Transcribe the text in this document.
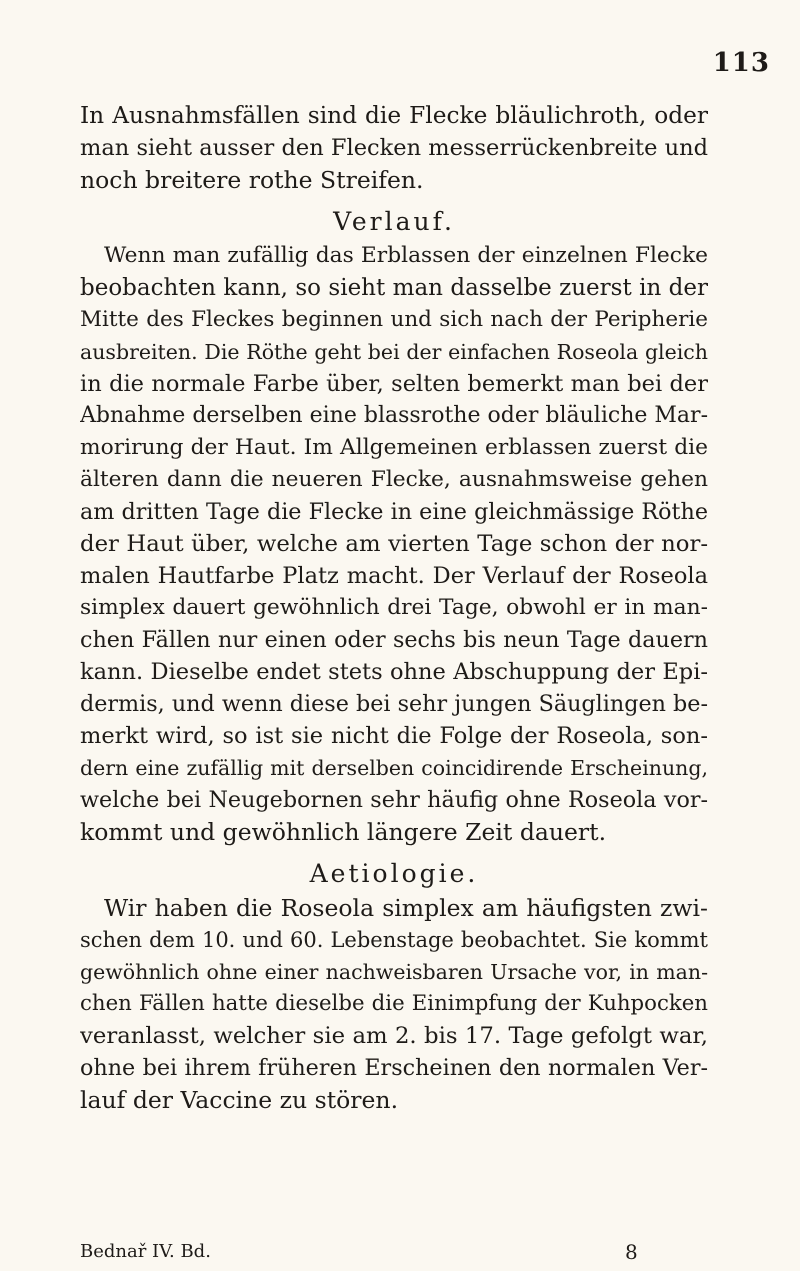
113
In Ausnahmsfällen sind die Flecke bläulichroth, oder
man sieht ausser den Flecken messerrückenbreite und
noch breitere rothe Streifen.
Verlauf.
Wenn man zufällig das Erblassen der einzelnen Flecke
beobachten kann, so sieht man dasselbe zuerst in der
Mitte des Fleckes beginnen und sich nach der Peripherie
ausbreiten. Die Röthe geht bei der einfachen Roseola gleich
in die normale Farbe über, selten bemerkt man bei der
Abnahme derselben eine blassrothe oder bläuliche Mar-
morirung der Haut. Im Allgemeinen erblassen zuerst die
älteren dann die neueren Flecke, ausnahmsweise gehen
am dritten Tage die Flecke in eine gleichmässige Röthe
der Haut über, welche am vierten Tage schon der nor-
malen Hautfarbe Platz macht. Der Verlauf der Roseola
simplex dauert gewöhnlich drei Tage, obwohl er in man-
chen Fällen nur einen oder sechs bis neun Tage dauern
kann. Dieselbe endet stets ohne Abschuppung der Epi-
dermis, und wenn diese bei sehr jungen Säuglingen be-
merkt wird, so ist sie nicht die Folge der Roseola, son-
dern eine zufällig mit derselben coincidirende Erscheinung,
welche bei Neugebornen sehr häufig ohne Roseola vor-
kommt und gewöhnlich längere Zeit dauert.
Aetiologie.
Wir haben die Roseola simplex am häufigsten zwi-
schen dem 10. und 60. Lebenstage beobachtet. Sie kommt
gewöhnlich ohne einer nachweisbaren Ursache vor, in man-
chen Fällen hatte dieselbe die Einimpfung der Kuhpocken
veranlasst, welcher sie am 2. bis 17. Tage gefolgt war,
ohne bei ihrem früheren Erscheinen den normalen Ver-
lauf der Vaccine zu stören.
Bednař IV. Bd.	8
